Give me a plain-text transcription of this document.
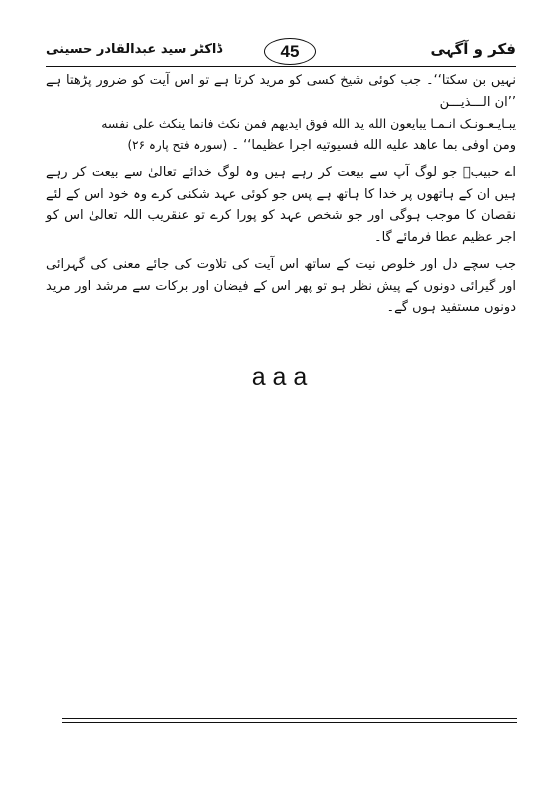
فکر و آگہی
45
ڈاکٹر سید عبدالقادر حسینی

نہیں بن سکتا‘‘۔ جب کوئی شیخ کسی کو مرید کرتا ہے تو اس آیت کو ضرور پڑھتا ہے ’’ان الـــذیـــن
یبـایـعـونـک انـمـا یبایعون الله ید الله فوق ایدیهم فمن نکث فانما ینکث علی نفسه
ومن اوفی بما عاهد علیه الله فسیوتیه اجرا عظیما‘‘ ۔ (سورہ فتح پارہ ۲۶)

اے حبیبؐ جو لوگ آپ سے بیعت کر رہے ہیں وہ لوگ خدائے تعالیٰ سے بیعت کر رہے ہیں ان کے ہاتھوں پر خدا کا ہاتھ ہے پس جو کوئی عہد شکنی کرے وہ خود اس کے لئے نقصان کا موجب ہوگی اور جو شخص عہد کو پورا کرے تو عنقریب اللہ تعالیٰ اس کو اجر عظیم عطا فرمائے گا۔

جب سچے دل اور خلوص نیت کے ساتھ اس آیت کی تلاوت کی جائے معنی کی گہرائی اور گیرائی دونوں کے پیش نظر ہو تو پھر اس کے فیضان اور برکات سے مرشد اور مرید دونوں مستفید ہوں گے۔

a a a
